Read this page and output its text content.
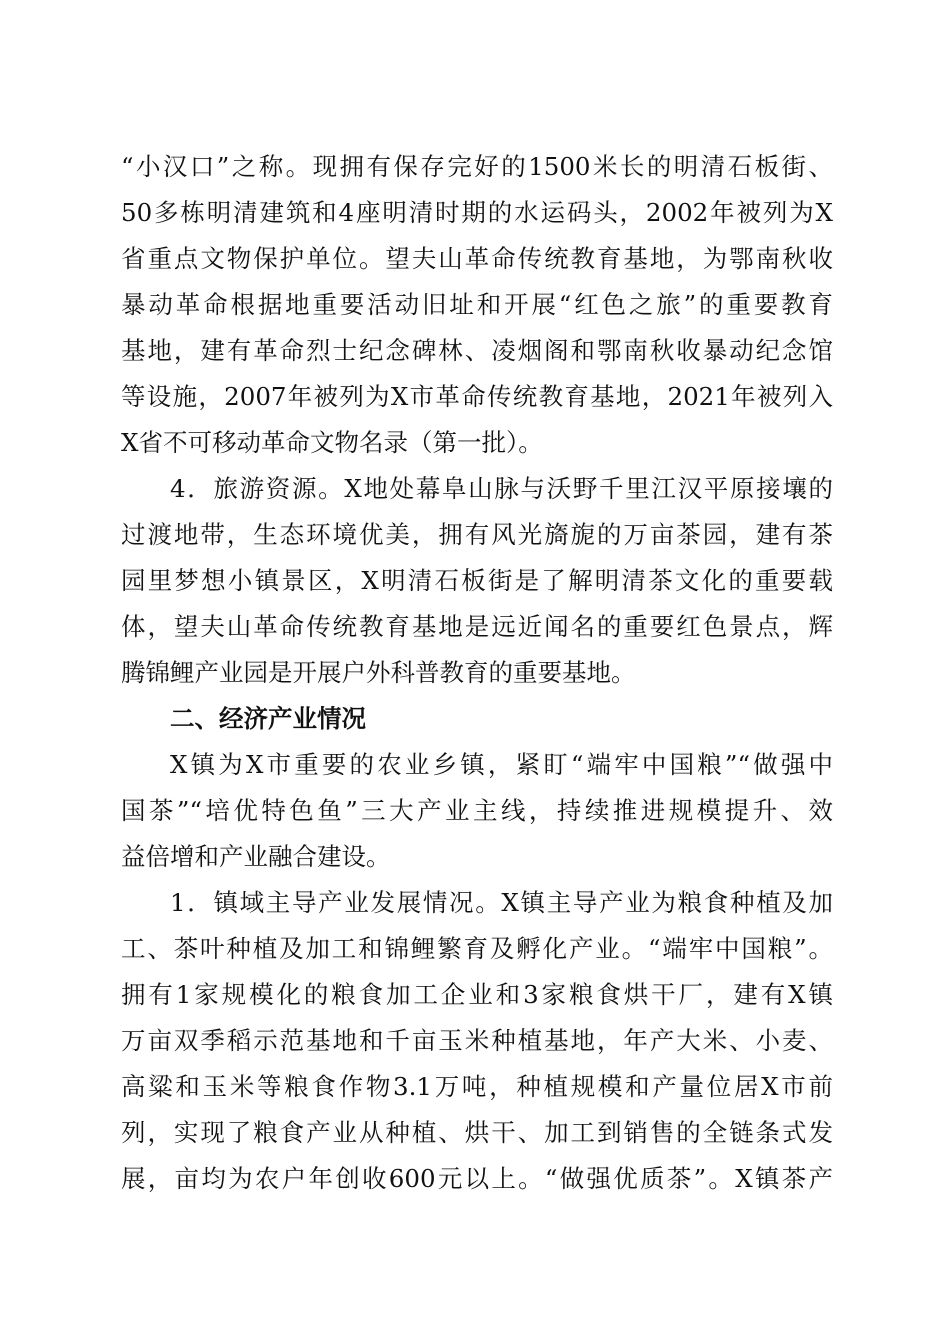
“小汉口”之称。现拥有保存完好的1500米长的明清石板街、
50多栋明清建筑和4座明清时期的水运码头，2002年被列为X
省重点文物保护单位。望夫山革命传统教育基地，为鄂南秋收
暴动革命根据地重要活动旧址和开展“红色之旅”的重要教育
基地，建有革命烈士纪念碑林、凌烟阁和鄂南秋收暴动纪念馆
等设施，2007年被列为X市革命传统教育基地，2021年被列入
X省不可移动革命文物名录（第一批）。
4．旅游资源。X地处幕阜山脉与沃野千里江汉平原接壤的
过渡地带，生态环境优美，拥有风光旖旎的万亩茶园，建有茶
园里梦想小镇景区，X明清石板街是了解明清茶文化的重要载
体，望夫山革命传统教育基地是远近闻名的重要红色景点，辉
腾锦鲤产业园是开展户外科普教育的重要基地。
二、经济产业情况
X镇为X市重要的农业乡镇，紧盯“端牢中国粮”“做强中
国茶”“培优特色鱼”三大产业主线，持续推进规模提升、效
益倍增和产业融合建设。
1．镇域主导产业发展情况。X镇主导产业为粮食种植及加
工、茶叶种植及加工和锦鲤繁育及孵化产业。“端牢中国粮”。
拥有1家规模化的粮食加工企业和3家粮食烘干厂，建有X镇
万亩双季稻示范基地和千亩玉米种植基地，年产大米、小麦、
高粱和玉米等粮食作物3.1万吨，种植规模和产量位居X市前
列，实现了粮食产业从种植、烘干、加工到销售的全链条式发
展，亩均为农户年创收600元以上。“做强优质茶”。X镇茶产
